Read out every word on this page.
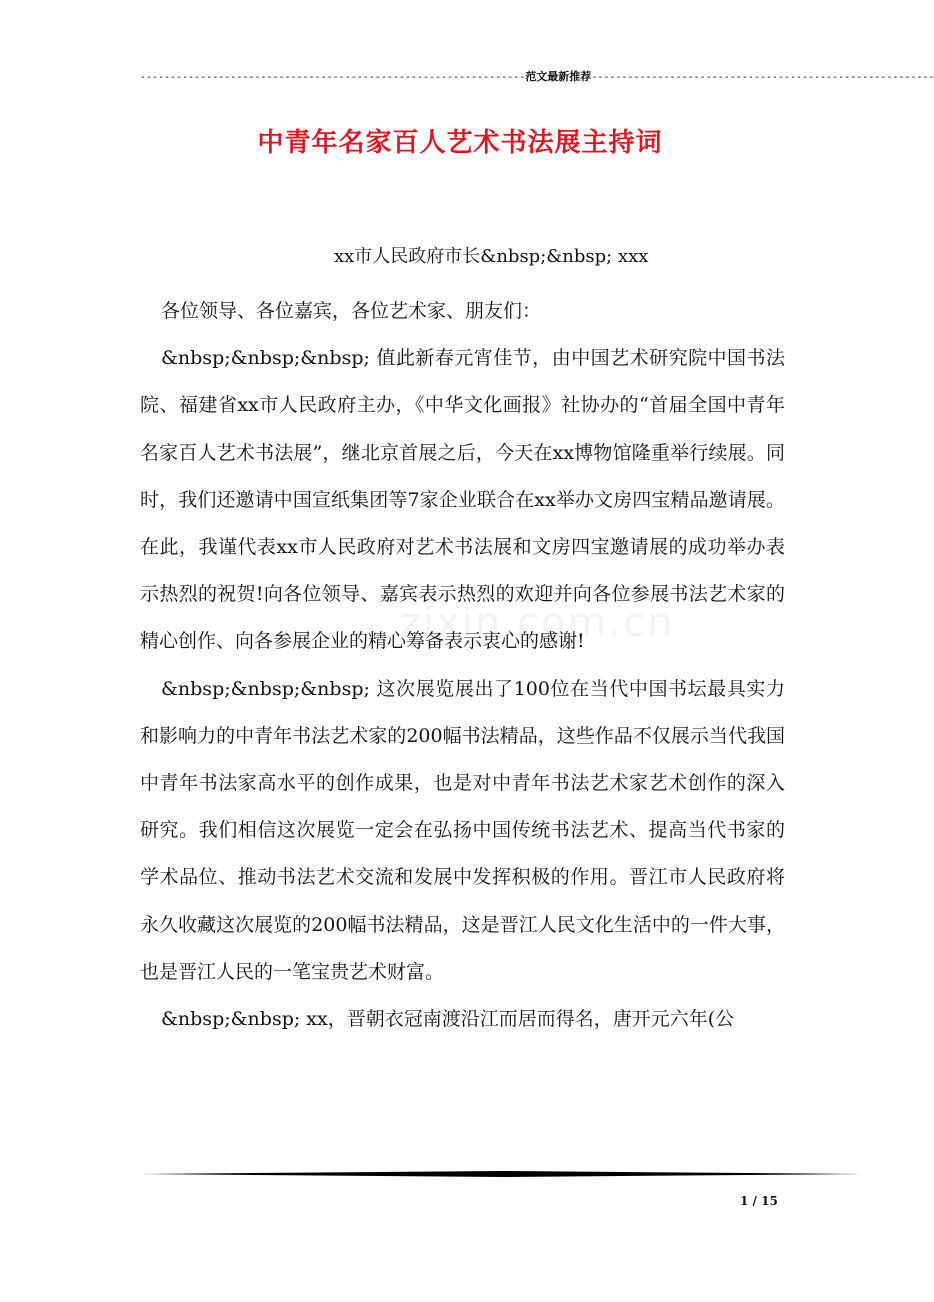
----------------------------------------------------------------范文最新推荐---------------------------------------------------------
中青年名家百人艺术书法展主持词
xx市人民政府市长&nbsp;&nbsp; xxx

各位领导、各位嘉宾，各位艺术家、朋友们：

&nbsp;&nbsp;&nbsp; 值此新春元宵佳节，由中国艺术研究院中国书法院、福建省xx市人民政府主办，《中华文化画报》社协办的“首届全国中青年名家百人艺术书法展”，继北京首展之后，今天在xx博物馆隆重举行续展。同时，我们还邀请中国宣纸集团等7家企业联合在xx举办文房四宝精品邀请展。在此，我谨代表xx市人民政府对艺术书法展和文房四宝邀请展的成功举办表示热烈的祝贺!向各位领导、嘉宾表示热烈的欢迎并向各位参展书法艺术家的精心创作、向各参展企业的精心筹备表示衷心的感谢!

&nbsp;&nbsp;&nbsp; 这次展览展出了100位在当代中国书坛最具实力和影响力的中青年书法艺术家的200幅书法精品，这些作品不仅展示当代我国中青年书法家高水平的创作成果，也是对中青年书法艺术家艺术创作的深入研究。我们相信这次展览一定会在弘扬中国传统书法艺术、提高当代书家的学术品位、推动书法艺术交流和发展中发挥积极的作用。晋江市人民政府将永久收藏这次展览的200幅书法精品，这是晋江人民文化生活中的一件大事，也是晋江人民的一笔宝贵艺术财富。

&nbsp;&nbsp; xx，晋朝衣冠南渡沿江而居而得名，唐开元六年(公

zixin.com.cn
1 / 15
